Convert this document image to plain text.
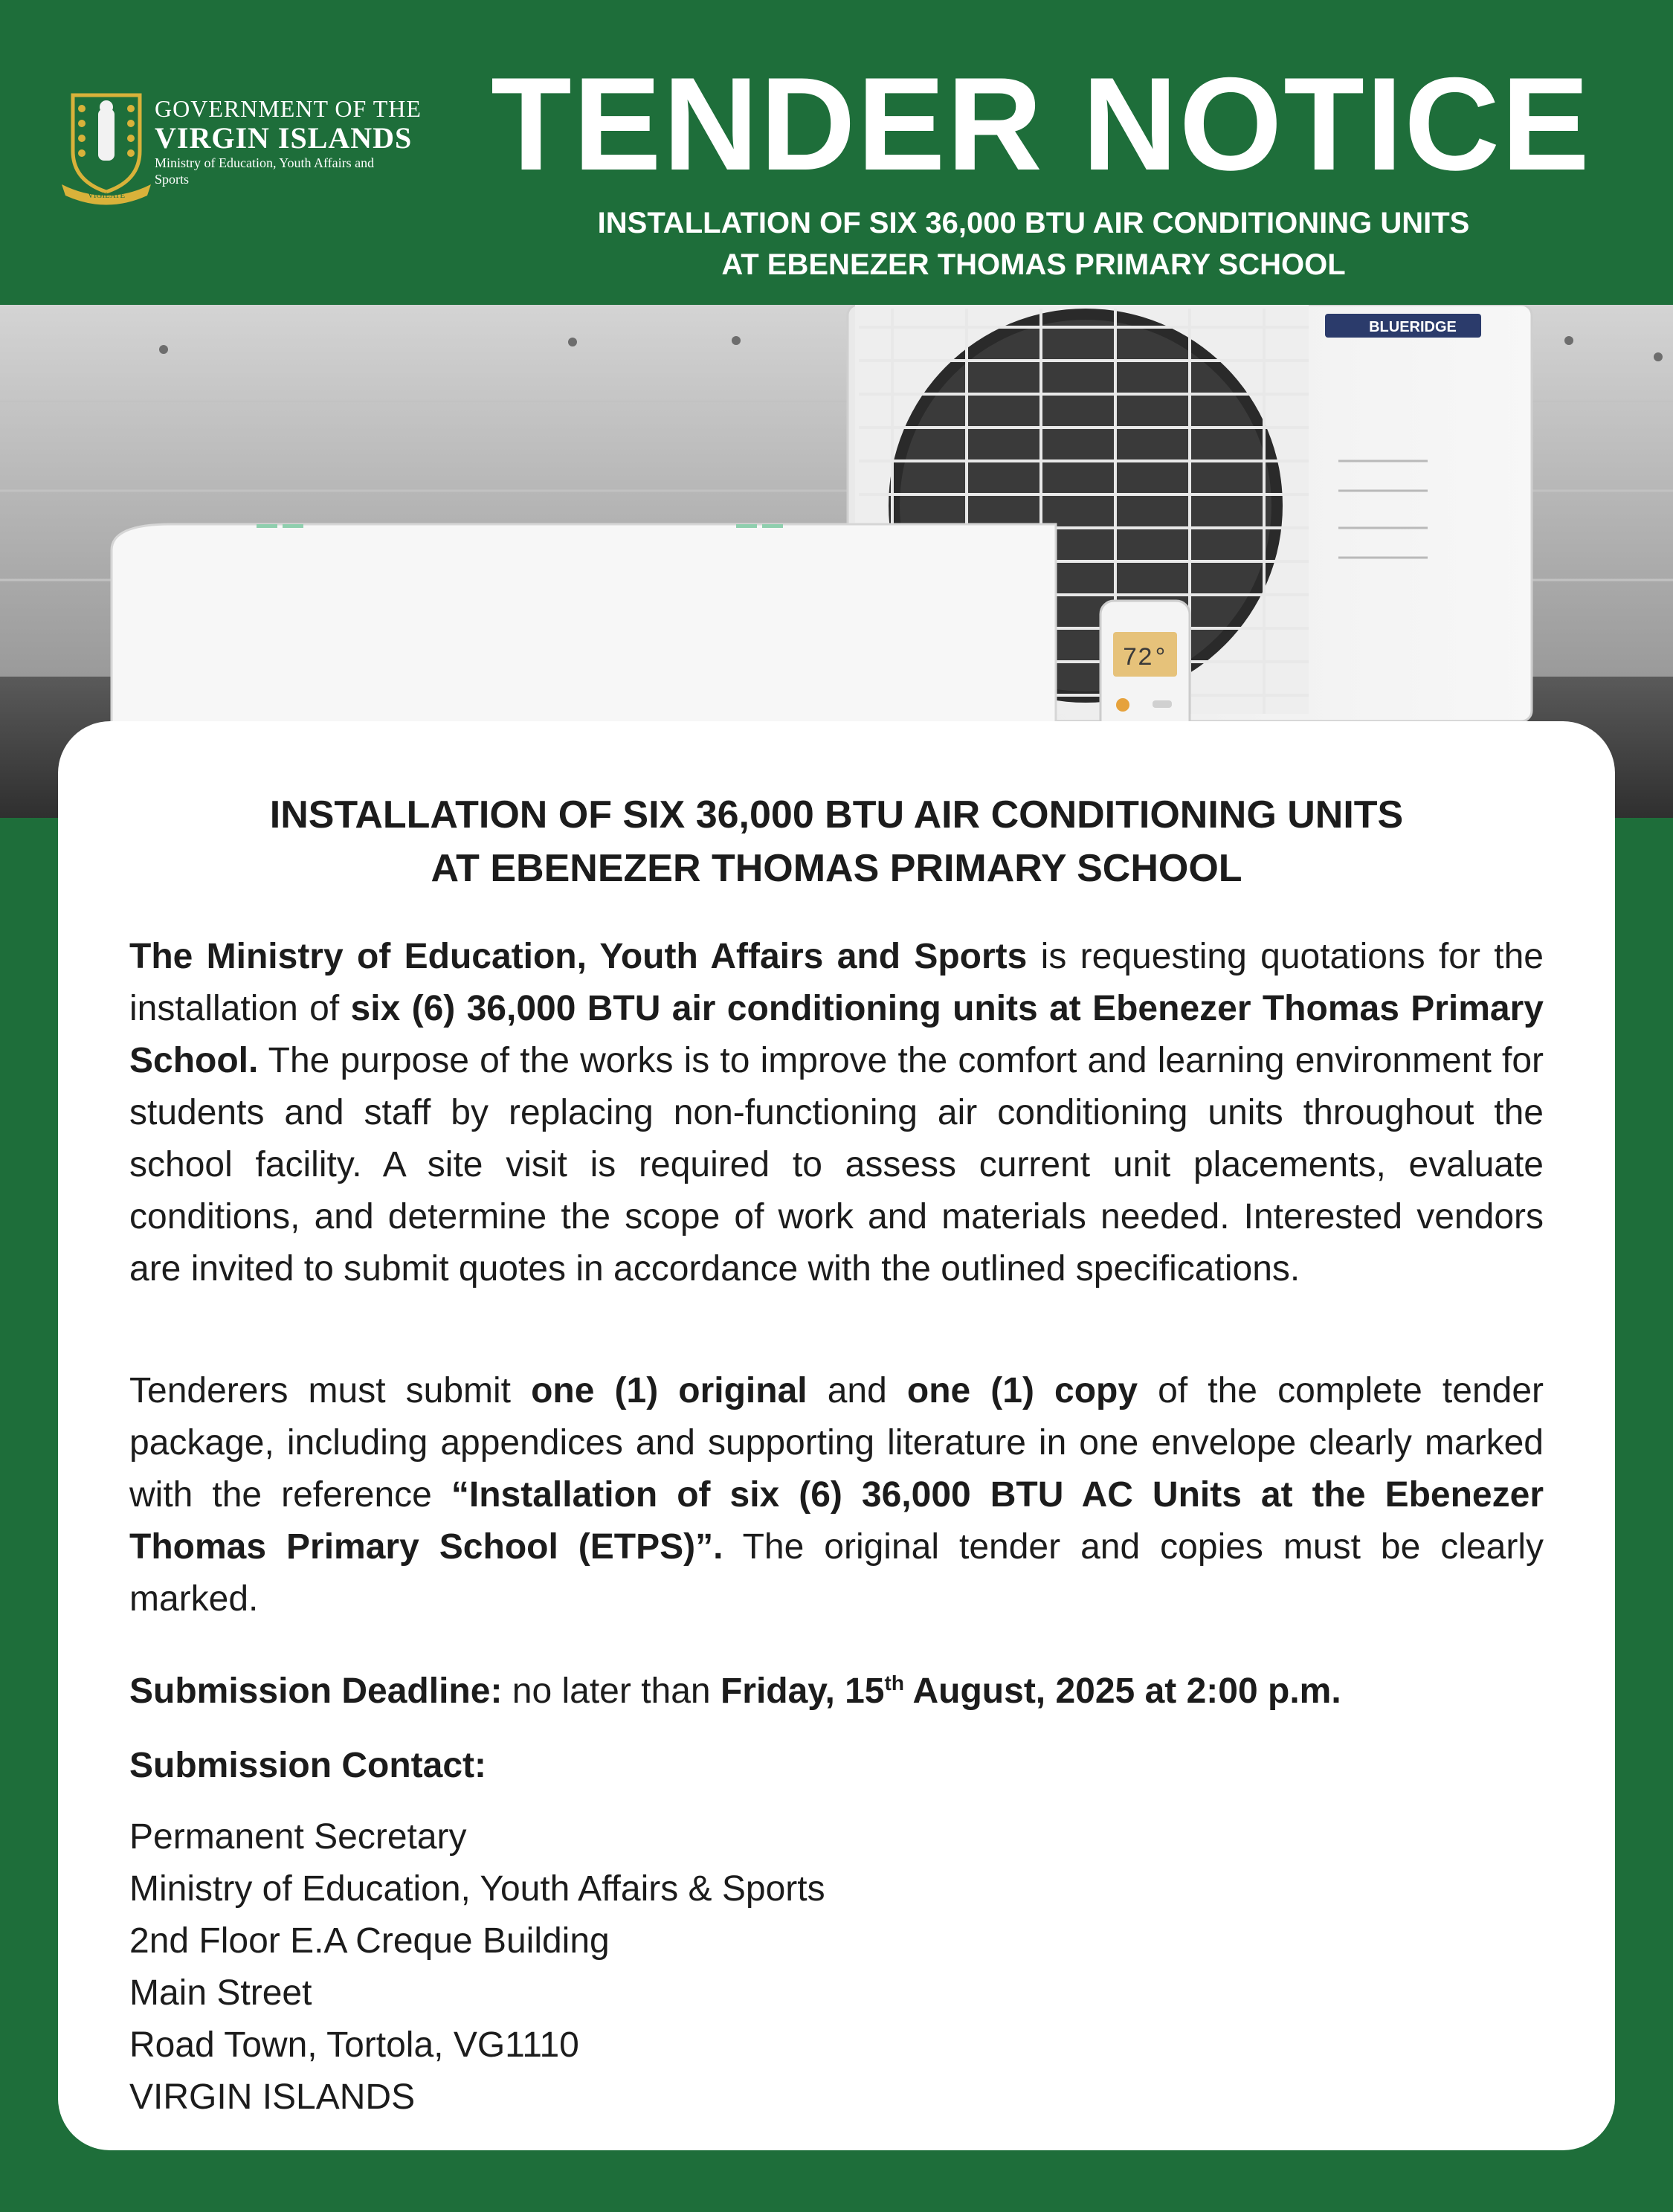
VIGILATE
GOVERNMENT OF THE
VIRGIN ISLANDS
Ministry of Education, Youth Affairs and Sports	TENDER NOTICE
INSTALLATION OF SIX 36,000 BTU AIR CONDITIONING UNITS
AT EBENEZER THOMAS PRIMARY SCHOOL
BLUERIDGE
72°
INSTALLATION OF SIX 36,000 BTU AIR CONDITIONING UNITS
AT EBENEZER THOMAS PRIMARY SCHOOL
The Ministry of Education, Youth Affairs and Sports is requesting quotations for the installation of six (6) 36,000 BTU air conditioning units at Ebenezer Thomas Primary School. The purpose of the works is to improve the comfort and learning environment for students and staff by replacing non-functioning air conditioning units throughout the school facility. A site visit is required to assess current unit placements, evaluate conditions, and determine the scope of work and materials needed. Interested vendors are invited to submit quotes in accordance with the outlined specifications.
Tenderers must submit one (1) original and one (1) copy of the complete tender package, including appendices and supporting literature in one envelope clearly marked with the reference “Installation of six (6) 36,000 BTU AC Units at the Ebenezer Thomas Primary School (ETPS)”. The original tender and copies must be clearly marked.
Submission Deadline: no later than Friday, 15th August, 2025 at 2:00 p.m.
Submission Contact:
Permanent Secretary
Ministry of Education, Youth Affairs & Sports
2nd Floor E.A Creque Building
Main Street
Road Town, Tortola, VG1110
VIRGIN ISLANDS
